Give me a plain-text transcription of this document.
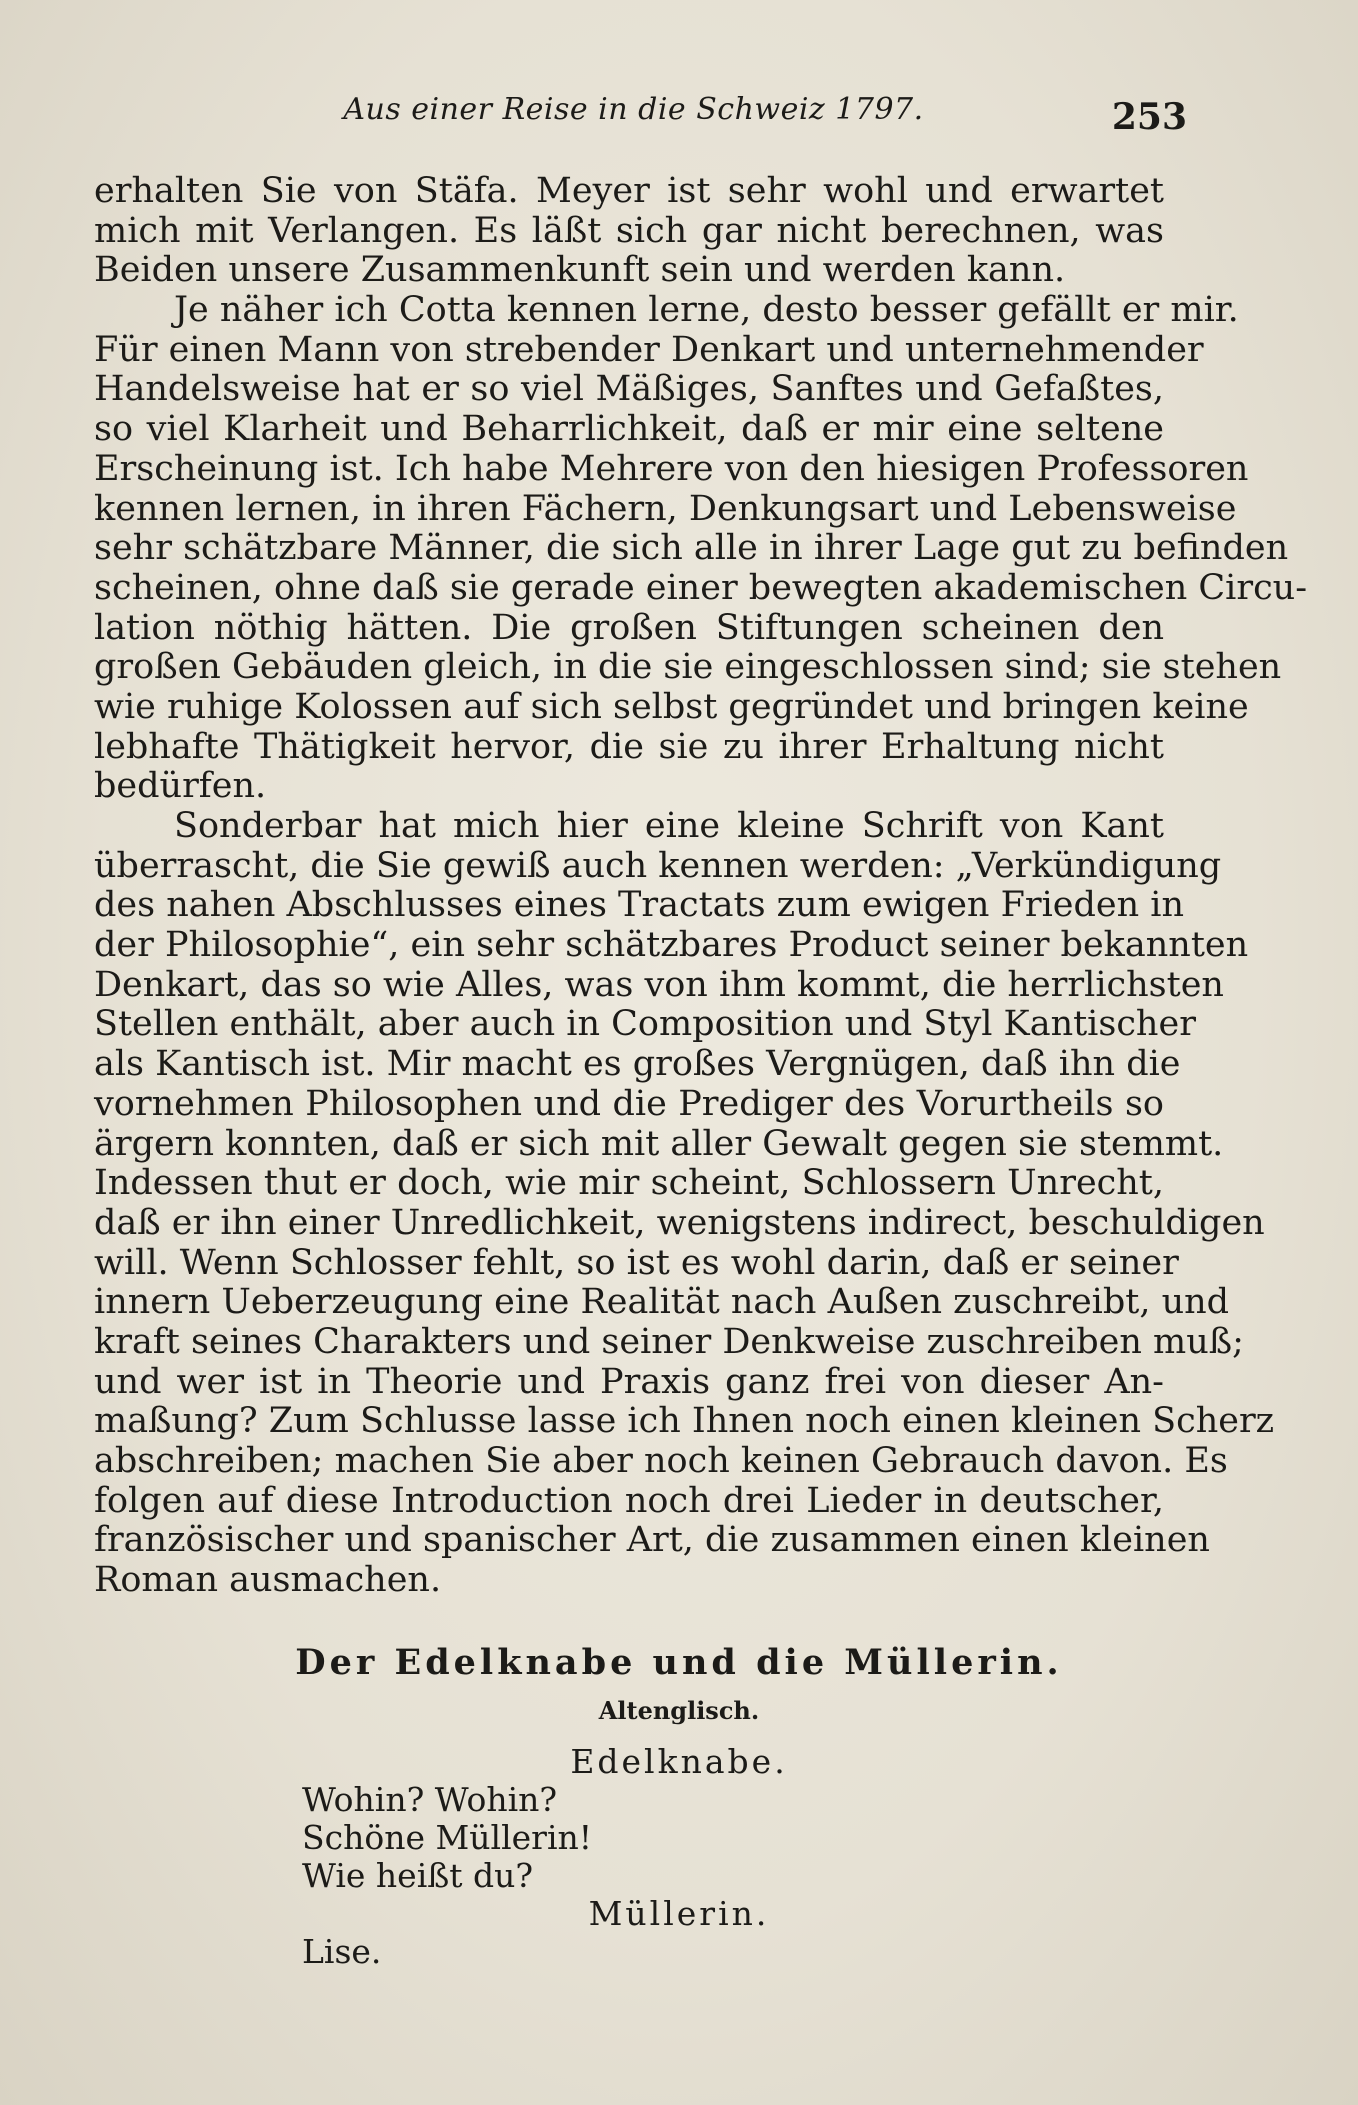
Aus einer Reise in die Schweiz 1797.	253
erhalten Sie von Stäfa. Meyer ist sehr wohl und erwartet
mich mit Verlangen. Es läßt sich gar nicht berechnen, was
Beiden unsere Zusammenkunft sein und werden kann.
Je näher ich Cotta kennen lerne, desto besser gefällt er mir.
Für einen Mann von strebender Denkart und unternehmender
Handelsweise hat er so viel Mäßiges, Sanftes und Gefaßtes,
so viel Klarheit und Beharrlichkeit, daß er mir eine seltene
Erscheinung ist. Ich habe Mehrere von den hiesigen Professoren
kennen lernen, in ihren Fächern, Denkungsart und Lebensweise
sehr schätzbare Männer, die sich alle in ihrer Lage gut zu befinden
scheinen, ohne daß sie gerade einer bewegten akademischen Circu-
lation nöthig hätten. Die großen Stiftungen scheinen den
großen Gebäuden gleich, in die sie eingeschlossen sind; sie stehen
wie ruhige Kolossen auf sich selbst gegründet und bringen keine
lebhafte Thätigkeit hervor, die sie zu ihrer Erhaltung nicht
bedürfen.
Sonderbar hat mich hier eine kleine Schrift von Kant
überrascht, die Sie gewiß auch kennen werden: „Verkündigung
des nahen Abschlusses eines Tractats zum ewigen Frieden in
der Philosophie“, ein sehr schätzbares Product seiner bekannten
Denkart, das so wie Alles, was von ihm kommt, die herrlichsten
Stellen enthält, aber auch in Composition und Styl Kantischer
als Kantisch ist. Mir macht es großes Vergnügen, daß ihn die
vornehmen Philosophen und die Prediger des Vorurtheils so
ärgern konnten, daß er sich mit aller Gewalt gegen sie stemmt.
Indessen thut er doch, wie mir scheint, Schlossern Unrecht,
daß er ihn einer Unredlichkeit, wenigstens indirect, beschuldigen
will. Wenn Schlosser fehlt, so ist es wohl darin, daß er seiner
innern Ueberzeugung eine Realität nach Außen zuschreibt, und
kraft seines Charakters und seiner Denkweise zuschreiben muß;
und wer ist in Theorie und Praxis ganz frei von dieser An-
maßung? Zum Schlusse lasse ich Ihnen noch einen kleinen Scherz
abschreiben; machen Sie aber noch keinen Gebrauch davon. Es
folgen auf diese Introduction noch drei Lieder in deutscher,
französischer und spanischer Art, die zusammen einen kleinen
Roman ausmachen.
Der Edelknabe und die Müllerin.
Altenglisch.
Edelknabe.
Wohin? Wohin?
Schöne Müllerin!
Wie heißt du?
Müllerin.
Lise.
